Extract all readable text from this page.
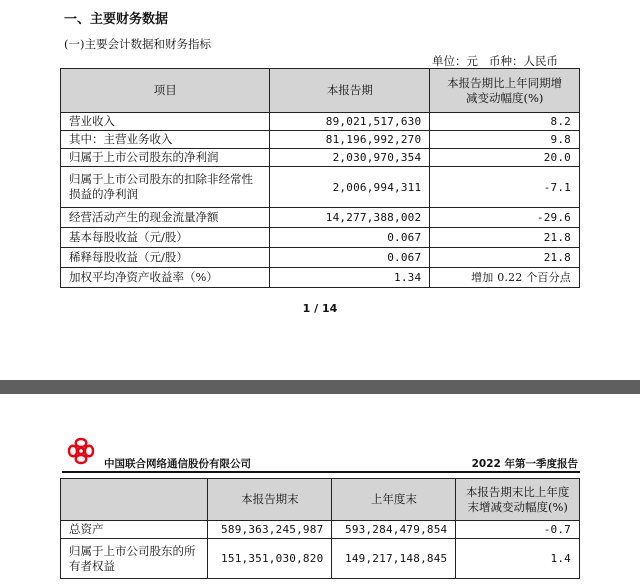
一、主要财务数据
(一)主要会计数据和财务指标
单位：元   币种：人民币
项目	本报告期	本报告期比上年同期增减变动幅度(%)
营业收入	89,021,517,630	8.2
其中：主营业务收入	81,196,992,270	9.8
归属于上市公司股东的净利润	2,030,970,354	20.0
归属于上市公司股东的扣除非经常性损益的净利润	2,006,994,311	-7.1
经营活动产生的现金流量净额	14,277,388,002	-29.6
基本每股收益（元/股）	0.067	21.8
稀释每股收益（元/股）	0.067	21.8
加权平均净资产收益率（%）	1.34	增加 0.22 个百分点
1 / 14
中国联合网络通信股份有限公司	2022 年第一季度报告
	本报告期末	上年度末	本报告期末比上年度末增减变动幅度(%)
总资产	589,363,245,987	593,284,479,854	-0.7
归属于上市公司股东的所有者权益	151,351,030,820	149,217,148,845	1.4
